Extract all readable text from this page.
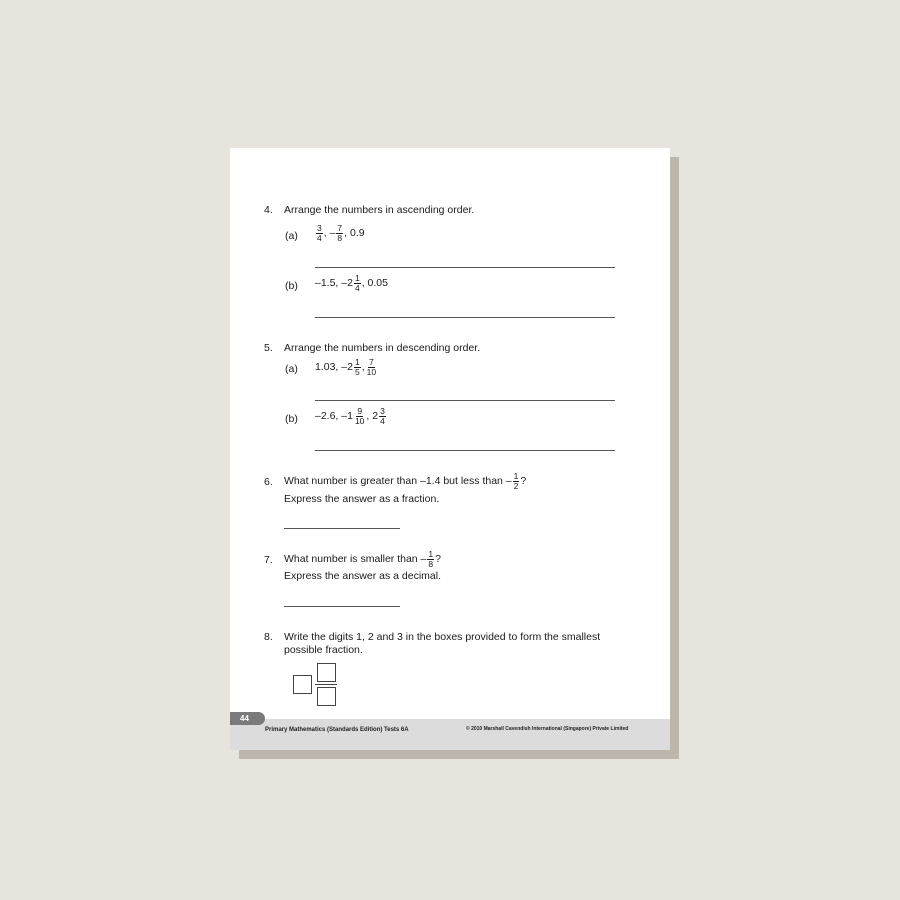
4. Arrange the numbers in ascending order.
$(a) \frac{3}{4}$ , – $\frac{7}{8}$ , 0.9
(b) –1.5, $-2 \frac{1}{4}$ , 0.05
5. Arrange the numbers in descending order.
(a) 1.03, $-2 \frac{1}{5}$ , $\frac{7}{10}$
(b) –2.6, $-1 \frac{9}{10}$ , $2 \frac{3}{4}$
6. What number is greater than –1.4 but less than – $\frac{1}{2}$ ?
Express the answer as a fraction.
7. What number is smaller than – $\frac{1}{8}$ ?
Express the answer as a decimal.
8. Write the digits 1, 2 and 3 in the boxes provided to form the smallest
possible fraction.
44
Primary Mathematics (Standards Edition) Tests 6A	© 2010 Marshall Cavendish International (Singapore) Private Limited
